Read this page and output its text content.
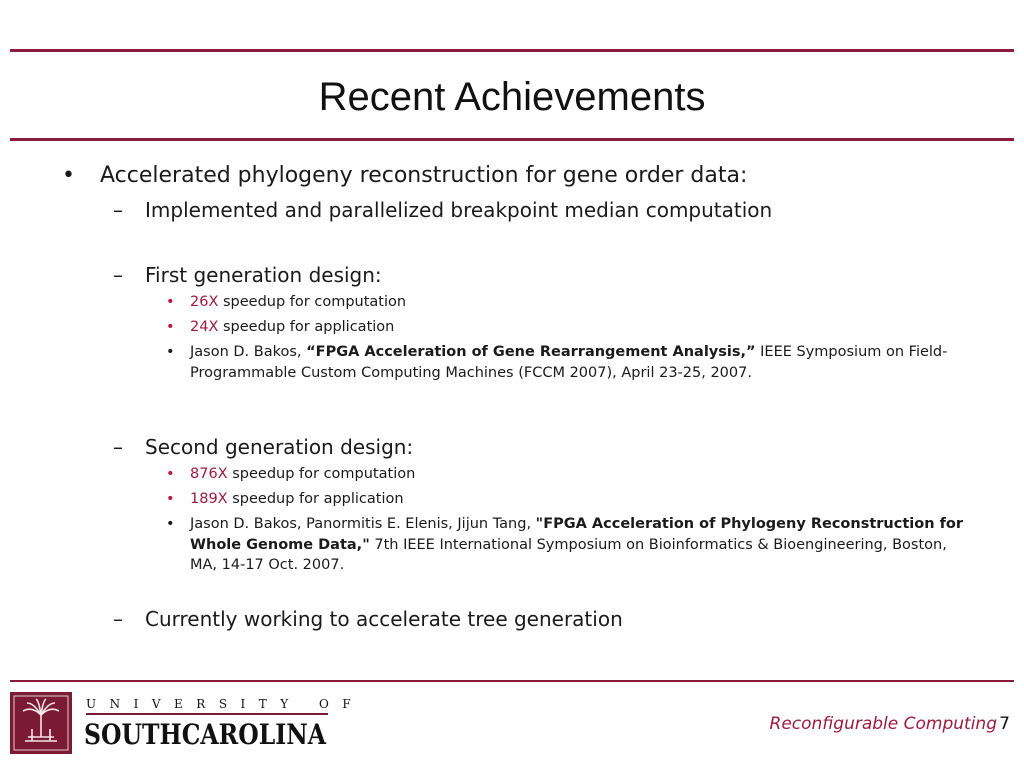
Recent Achievements
• Accelerated phylogeny reconstruction for gene order data:
– Implemented and parallelized breakpoint median computation
– First generation design:
• 26X speedup for computation
• 24X speedup for application
• Jason D. Bakos, “FPGA Acceleration of Gene Rearrangement Analysis,” IEEE Symposium on Field-Programmable Custom Computing Machines (FCCM 2007), April 23-25, 2007.
– Second generation design:
• 876X speedup for computation
• 189X speedup for application
• Jason D. Bakos, Panormitis E. Elenis, Jijun Tang, "FPGA Acceleration of Phylogeny Reconstruction for Whole Genome Data," 7th IEEE International Symposium on Bioinformatics & Bioengineering, Boston, MA, 14-17 Oct. 2007.
– Currently working to accelerate tree generation
UNIVERSITY OF
SOUTHCAROLINA	Reconfigurable Computing 7
